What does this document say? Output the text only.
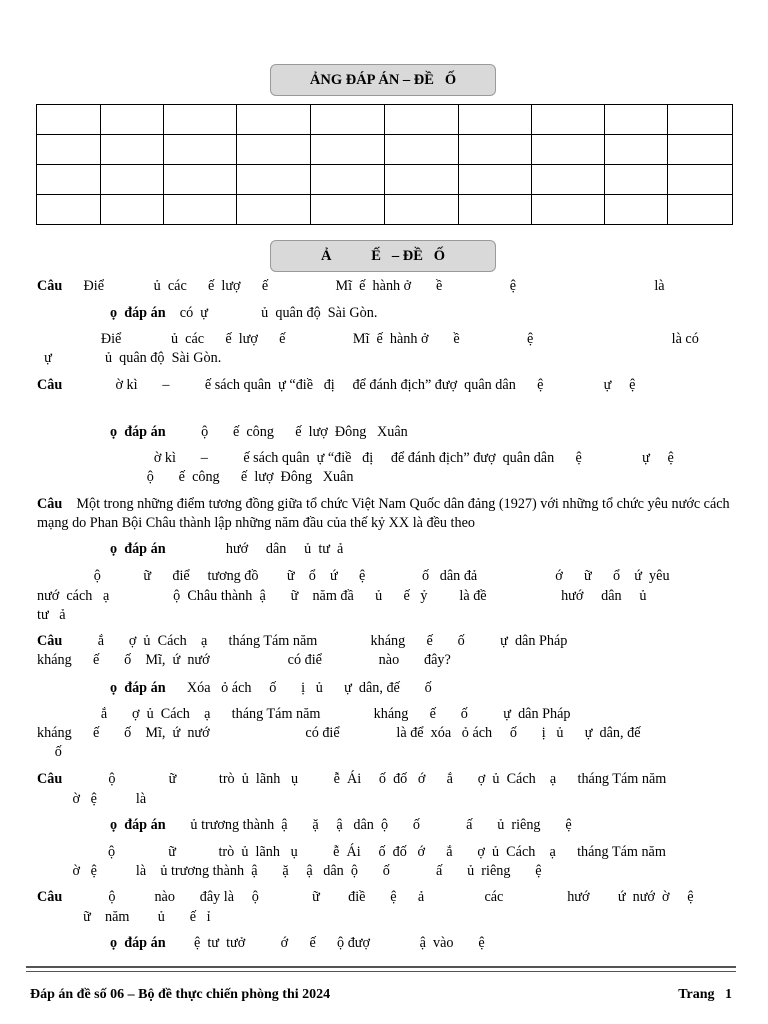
ẢNG ĐÁP ÁN – ĐỀ   Ố

Ả           Ế   – ĐỀ   Ố
Câu      Điể              ủ  các      ế  lượ      ế                   Mĩ  ế  hành ở       ề                   ệ                                       là
ọ  đáp án    có  ự               ủ  quân độ  Sài Gòn.
Điể              ủ  các      ế  lượ      ế                   Mĩ  ế  hành ở       ề                   ệ                                       là có
ự               ủ  quân độ  Sài Gòn.
Câu               ờ kì       –          ế sách quân  ự “điề   đị     để đánh địch” đượ  quân dân      ệ                 ự     ệ
ọ  đáp án          ộ       ế  công      ế  lượ  Đông   Xuân
ờ kì       –          ế sách quân  ự “điề   đị     để đánh địch” đượ  quân dân      ệ                 ự     ệ
ộ       ế  công      ế  lượ  Đông   Xuân
Câu    Một trong những điểm tương đồng giữa tổ chức Việt Nam Quốc dân đảng (1927) với những tổ chức yêu nước cách mạng do Phan Bội Châu thành lập những năm đầu của thế kỷ XX là đều theo
ọ  đáp án                 hướ     dân     ủ  tư  ả
ộ            ữ      điể     tương đồ        ữ    ổ    ứ      ệ                ố   dân đả                      ớ      ữ      ổ    ứ  yêu
nướ  cách   ạ                  ộ  Châu thành  ậ       ữ    năm đầ      ủ      ế   ỷ         là đề                     hướ     dân     ủ
tư   ả
Câu          ắ       ợ  ủ  Cách    ạ      tháng Tám năm               kháng      ế       ố          ự  dân Pháp
kháng      ế       ố    Mĩ,  ứ  nướ                      có điể                nào       đây?
ọ  đáp án      Xóa   ỏ ách     ố       ị   ủ      ự  dân, đế       ố
ắ       ợ  ủ  Cách    ạ      tháng Tám năm               kháng      ế       ố          ự  dân Pháp
kháng      ế       ố    Mĩ,  ứ  nướ                           có điể                là để  xóa   ỏ ách     ố       ị   ủ      ự  dân, đế
ố
Câu             ộ               ữ            trò  ủ  lãnh   ụ          ễ  Ái     ố  đố   ớ      ắ       ợ  ủ  Cách    ạ      tháng Tám năm
ờ   ệ           là
ọ  đáp án       ủ trương thành  ậ       ặ     ậ   dân  ộ       ố             ấ       ủ  riêng       ệ
ộ               ữ            trò  ủ  lãnh   ụ          ễ  Ái     ố  đố   ớ      ắ       ợ  ủ  Cách    ạ      tháng Tám năm
ờ   ệ           là    ủ trương thành  ậ       ặ     ậ   dân  ộ       ố             ấ       ủ  riêng       ệ
Câu             ộ           nào       đây là     ộ               ữ        điề       ệ      ả                 các                  hướ        ứ  nướ  ờ     ệ
ữ    năm        ủ       ế   ỉ
ọ  đáp án        ệ  tư  tưở          ớ      ế      ộ đượ              ậ  vào       ệ
Đáp án đề số 06 – Bộ đề thực chiến phòng thi 2024	Trang   1
